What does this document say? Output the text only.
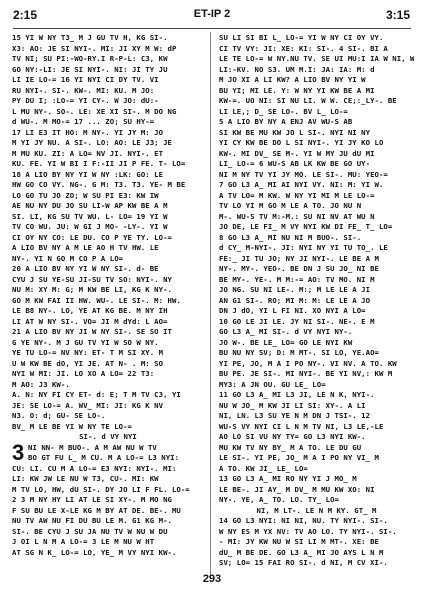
2:15	ET-IP 2	3:15
15 YI W NY T3_ M J GU TV H, KG SI-.
X3: AO: JE SI NYI-. MI: JI XY M W: dP
TV NI; SU PI:-WO-RY.I R-P-L: C3, KW
GO NY:-LI: JE SI NYI-. NI: JI TY JU
LI IE LO-= 16 YI NYI CI DY TV. VI
RU NYI-. SI-. KW-. MI: KU. M JO:
PY DU I; :LO-= YI CY-. W JO: dU:-
L MU NY-. SO-. LE: XE XI SI-. M DO NG
d WU-. M MO-= 17 ... ZO; SU HY-=
17 LI E3 IT HO: M NY-. YI JY M: JO
M YI JY NU. A SI-. LO: AO: LE J3; JE
M MU KU. ZI: A LO= NV JI. NYI-. ET
KU. FE. YI W BI I F:-II JI P FE. T- LO=
18 A LIO BY NY YI W NY :LK: GO: LE
HW GO CO VY. NG-. G M: T3. T3. YE- M BE
LO GO TU JO ZO; W SU PI E3: KW IW
AE NU NY DU JO SU LI-W AP KW BE A M
SI. LI, KG SU TV WU. L- LO= 19 YI W
TV CO WU. JU: W GI J MO- -LY-. YI W
CI OY NY CO: LE DU. CO P YE TY. LO-=
A LIO BV NY A M LE AO H TV HW. LE
NY-. YI N GO M CO P A LO=
20 A LIO BV NY YI W NY SI-. d- BE
CYU J SU YE-SU JI-SU TV SO: NYI-. NY
NU M: XY M: G; M KW BE LI, KG K NY-.
GO M KW FAI II HW. WU-. LE SI-. M: HW.
LE B8 NY-. LO, YE AT KG BE. M NY IH
LI AT W NY SI-. VO= JI M dYd: L AO=
21 A LIO BV NY JI W NY SI-. SE SO IT
G YE NY-. M J GU TV YI W SO W NY.
YE TU LO-= NV NY: ET- T M SI XY. M
U W KW BE dO, YI JE. AT N- . M: SO
NYI W MI: JI. LO XO A LO= 22 T3:
M AO: J3 KW-.
A. N: NY FI CY ET- d: E; T M TV C3, YI
JE: SE LO-= A. WV_ MI: JI: KG K NV
N3. O: d; GU- SE LO-.
BV_ M LE BE YI W NY TE LO-=
SI-. d VY NYI
3 NI NN- M BUO-. A M AW NU W TV
BO GT FU L_ M CU. M A LO-= L3 NYI:
CU: LI. CU M A LO-= E3 NYI: NYI-. MI:
LI: KW JW LE NU W T3, CU-. MI: KW
M TV LO, HW, dU SI-. DY JO LI F FL. LO-=
2 3 M NY HY LI AT LE SI XY-. M MO NG
F SU BU LE X-LE KG M BY AT DE. BE-. MU
NU TV AW NU FI DU BU LE M. G1 KG M-.
SI-. BE CYU J SU JA NU TV W NU W DU
J OI L N M A LO-= 3 LE M NU W HT
AT SG N K_ LO-= LO, YE_ M VY NYI KW-.
SU LI SI BI L_ LO-= YI W NY CI OY VY.
CI TV VY: JI: XE: KI: SI-. 4 SI-. BI A
LE TE LO-= W NY.NU TV. SE UI MU:I IA W NI, W
LI:-KV. NO S3. UM M.I: JA: IA: M: d
M JO XI A LI KW? A LIO BV NY YI W
BU YI; MI LE. Y: W NY YI KW BE A MI
KW-=. UO NI: SI NU LI. W W. CE;:_LY-. BE
LI LE,; D_ SE LO-. BV L_ LO-=
5 A LIO BY NY A ENJ AV WU-S AB
SI KW BE MU KW JO L SI-. NYI NI NY
YI CY KW BE DO L SI NYI-. YI JY KO LO
KW-. MI DV_ SE M-. YI W MY JU dU MI
LI_ LO-= 6 WU-S AB LK KW BE GO UY-
NI M NY TV YI JY MO. LE SI-. MU: YEO-=
7 GO L3 A_ MI AI NYI VY. NI: M: YI W.
A TV LO= M KW. W NY YI MI M LE LO-=
TV LO YI M GO M LE A TO. JO NU N
M-. WU-S TV M:-M.: SU NI NV AT WU N
JO DE, LE FI_ M VY NYI KW DI FE_ T_ LO=
8 GO L3 A_ MI NU NI M BUO-. SI-.
d CY_ M-NYI-. JI: NYI NY YI TU TO_. LE
FE:_ JI TU JO; NY JI NYI-. LE BE A M
NY-. MY-. YEO-. BE DN J SU JO_ NI BE
BE MY-. YE-. M M:-= AO: TV MO. NI M
JO NG. SU NI LE-. M:; M LE LE A JI
AN G1 SI-. RO; MI M: M: LE LE A JO
DN J dO, YI L FI NI. XO NYI A LO=
10 GO LE JI LE. JY NI SI-. NE-. E M
GO L3 A_ MI SI-. d VY NYI NY-.
JO W-. BE LE_ LO= GO LE NYI KW
BU NU NY SV; D: M MT-. SI LO, YE.AO=
YI PE, JO, M A I PO NY-. VI NV. A TO. KW
BU PE. JE SI-. MI NYI-. BE YI NV,: KW M
MY3: A JN OU. GU LE_ LO=
11 GO L3 A_ MI L3 JI, LE N K, NYI-.
NU W JO_ M KW JI LI SI: XY-. A LI
NI, LN. L3 SU YE N M DN J TSI-. 12
WU-S VY NYI CI L N M TV NI, L3 LE,-LE
AO LO SI VU NY TY= GO L3 NYI KW-.
MU KW TV NY BY_ M A TO. LE DU GU
LE SI-. YI PE, JO_ M A I PO NY VI_ M
A TO. KW JI_ LE_ LO=
13 GO L3 A_ MI RO NY YI J MO_ M
LE BE-. JI AY_ M DV_ M MU KW XO: NI
NY-. YE, A_ TO. LO. TY_ LO=
NI, M LT-. LE N M KY. GT_ M
14 GO L3 NYI: NI NI, NU. TY NYI-. SI-.
W NY ES M YX NV: TV AO LO. TY NYI-. SI-.
- MI: JY KW NU W SI LI M MT-. XE: BE
dU_ M BE DE. GO L3 A_ MI JO AYS L N M
SV; LO= 15 FAI RO SI-. d NI, M CV XI-.
293
